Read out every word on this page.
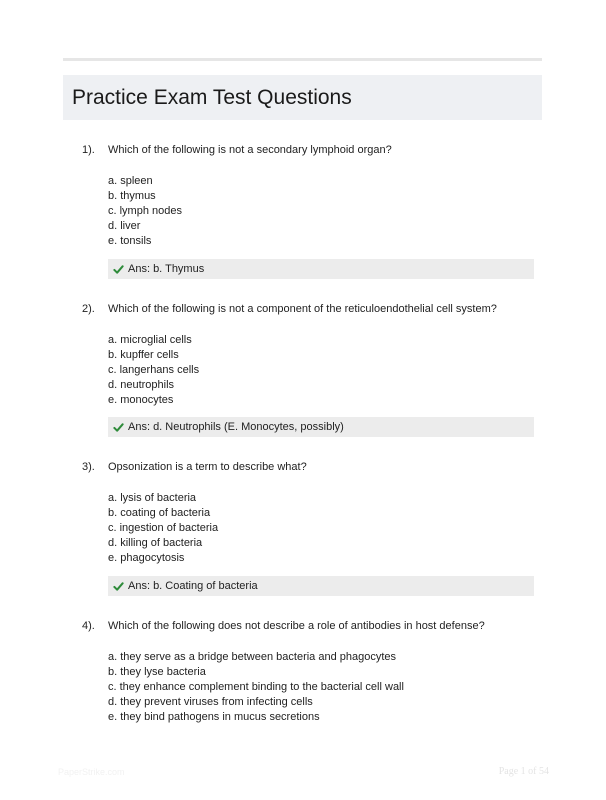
Practice Exam Test Questions
1). Which of the following is not a secondary lymphoid organ?
a. spleen
b. thymus
c. lymph nodes
d. liver
e. tonsils
Ans: b. Thymus
2). Which of the following is not a component of the reticuloendothelial cell system?
a. microglial cells
b. kupffer cells
c. langerhans cells
d. neutrophils
e. monocytes
Ans: d. Neutrophils (E. Monocytes, possibly)
3). Opsonization is a term to describe what?
a. lysis of bacteria
b. coating of bacteria
c. ingestion of bacteria
d. killing of bacteria
e. phagocytosis
Ans: b. Coating of bacteria
4). Which of the following does not describe a role of antibodies in host defense?
a. they serve as a bridge between bacteria and phagocytes
b. they lyse bacteria
c. they enhance complement binding to the bacterial cell wall
d. they prevent viruses from infecting cells
e. they bind pathogens in mucus secretions
PaperStrike.com	Page 1 of 54
